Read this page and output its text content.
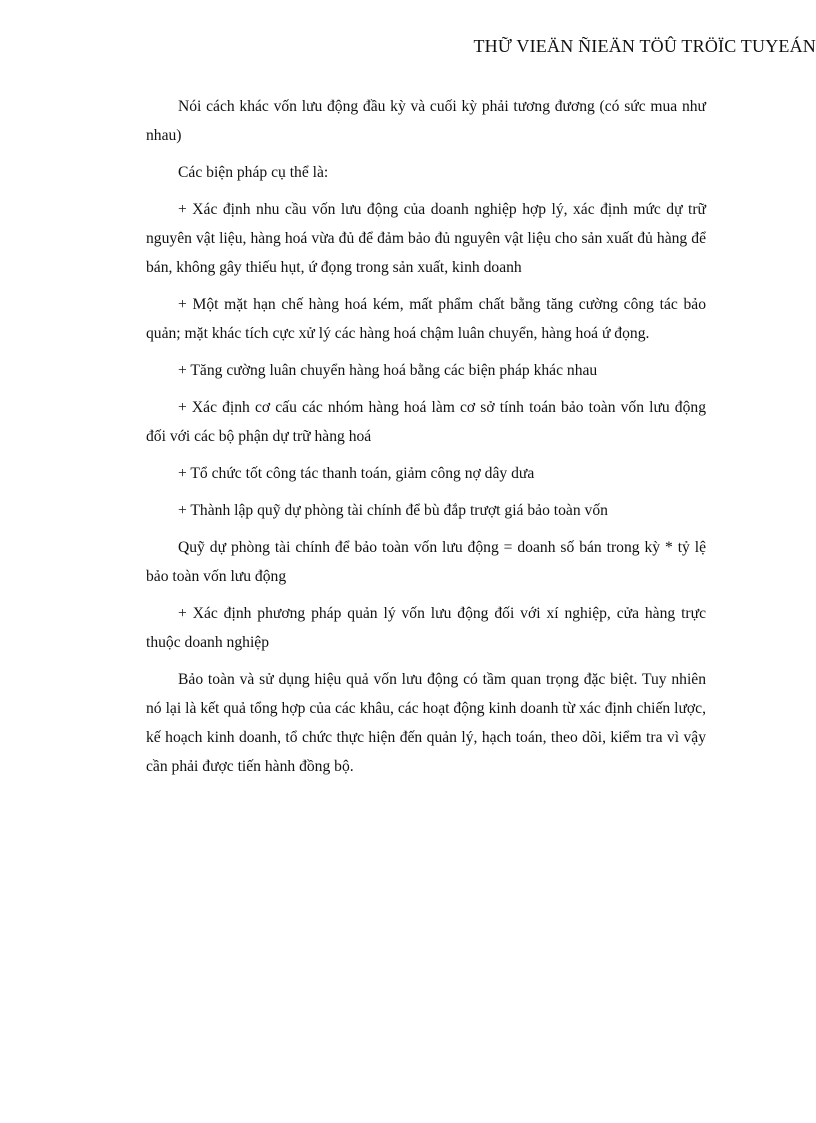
THỮ VIEÄN ÑIEÄN TÖÛ TRÖÏC TUYEÁN

Nói cách khác vốn lưu động đầu kỳ và cuối kỳ phải tương đương (có sức mua như nhau)

Các biện pháp cụ thể là:

+ Xác định nhu cầu vốn lưu động của doanh nghiệp hợp lý, xác định mức dự trữ nguyên vật liệu, hàng hoá vừa đủ để đảm bảo đủ nguyên vật liệu cho sản xuất đủ hàng để bán, không gây thiếu hụt, ứ đọng trong sản xuất, kinh doanh

+ Một mặt hạn chế hàng hoá kém, mất phẩm chất bằng tăng cường công tác bảo quản; mặt khác tích cực xử lý các hàng hoá chậm luân chuyển, hàng hoá ứ đọng.

+ Tăng cường luân chuyển hàng hoá bằng các biện pháp khác nhau

+ Xác định cơ cấu các nhóm hàng hoá làm cơ sở tính toán bảo toàn vốn lưu động đối với các bộ phận dự trữ hàng hoá

+ Tổ chức tốt công tác thanh toán, giảm công nợ dây dưa

+ Thành lập quỹ dự phòng tài chính để bù đắp trượt giá bảo toàn vốn

Quỹ dự phòng tài chính để bảo toàn vốn lưu động = doanh số bán trong kỳ * tỷ lệ bảo toàn vốn lưu động

+ Xác định phương pháp quản lý vốn lưu động đối với xí nghiệp, cửa hàng trực thuộc doanh nghiệp

Bảo toàn và sử dụng hiệu quả vốn lưu động có tầm quan trọng đặc biệt. Tuy nhiên nó lại là kết quả tổng hợp của các khâu, các hoạt động kinh doanh từ xác định chiến lược, kế hoạch kinh doanh, tổ chức thực hiện đến quản lý, hạch toán, theo dõi, kiểm tra vì vậy cần phải được tiến hành đồng bộ.
